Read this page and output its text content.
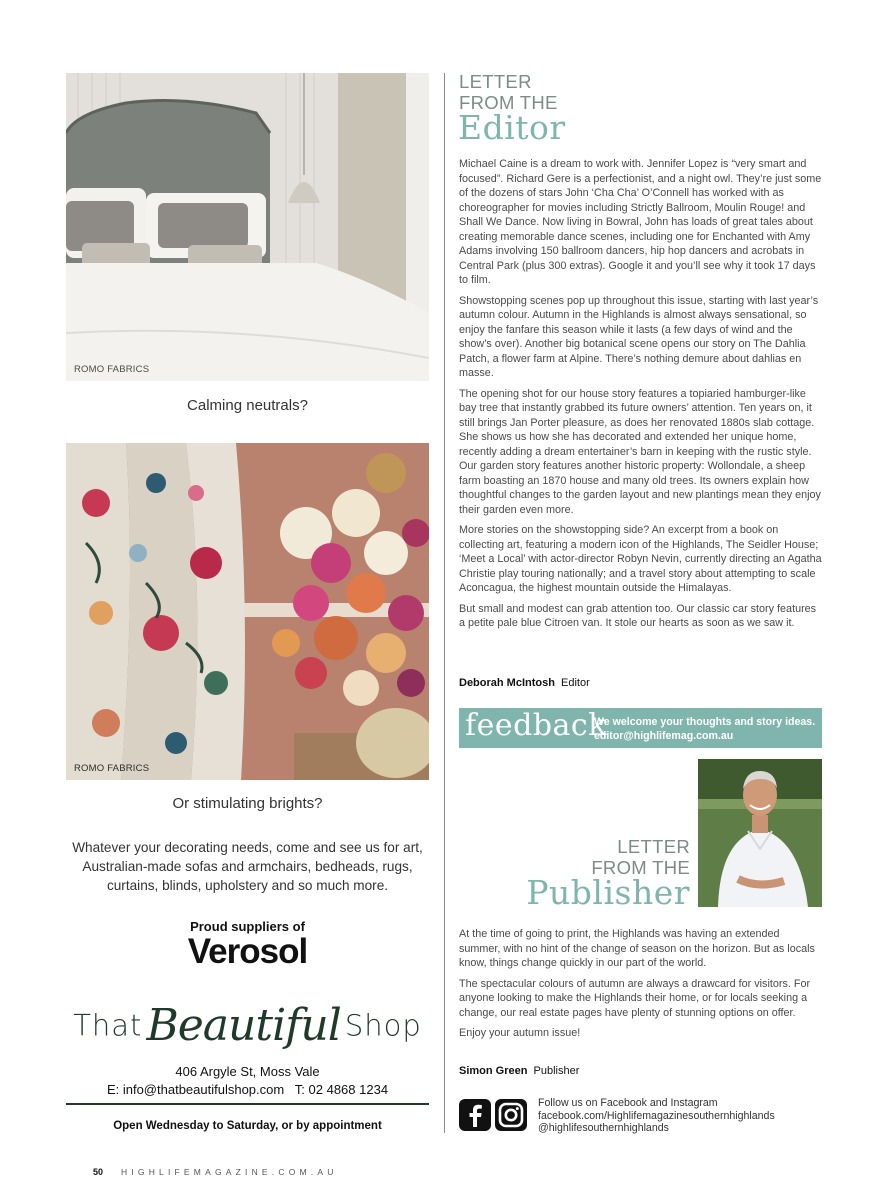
ROMO FABRICS
Calming neutrals?
ROMO FABRICS
Or stimulating brights?
Whatever your decorating needs, come and see us for art, Australian-made sofas and armchairs, bedheads, rugs, curtains, blinds, upholstery and so much more.
Proud suppliers of
Verosol
ThatBeautiful Shop
406 Argyle St, Moss Vale
E: info@thatbeautifulshop.com   T: 02 4868 1234
Open Wednesday to Saturday, or by appointment
LETTER
FROM THE
Editor

Michael Caine is a dream to work with. Jennifer Lopez is “very smart and focused”. Richard Gere is a perfectionist, and a night owl. They’re just some of the dozens of stars John ‘Cha Cha’ O’Connell has worked with as choreographer for movies including Strictly Ballroom, Moulin Rouge! and Shall We Dance. Now living in Bowral, John has loads of great tales about creating memorable dance scenes, including one for Enchanted with Amy Adams involving 150 ballroom dancers, hip hop dancers and acrobats in Central Park (plus 300 extras). Google it and you’ll see why it took 17 days to film.

Showstopping scenes pop up throughout this issue, starting with last year’s autumn colour. Autumn in the Highlands is almost always sensational, so enjoy the fanfare this season while it lasts (a few days of wind and the show’s over). Another big botanical scene opens our story on The Dahlia Patch, a flower farm at Alpine. There’s nothing demure about dahlias en masse.

The opening shot for our house story features a topiaried hamburger-like bay tree that instantly grabbed its future owners’ attention. Ten years on, it still brings Jan Porter pleasure, as does her renovated 1880s slab cottage. She shows us how she has decorated and extended her unique home, recently adding a dream entertainer’s barn in keeping with the rustic style. Our garden story features another historic property: Wollondale, a sheep farm boasting an 1870 house and many old trees. Its owners explain how thoughtful changes to the garden layout and new plantings mean they enjoy their garden even more.

More stories on the showstopping side? An excerpt from a book on collecting art, featuring a modern icon of the Highlands, The Seidler House; ‘Meet a Local’ with actor-director Robyn Nevin, currently directing an Agatha Christie play touring nationally; and a travel story about attempting to scale Aconcagua, the highest mountain outside the Himalayas.

But small and modest can grab attention too. Our classic car story features a petite pale blue Citroen van. It stole our hearts as soon as we saw it.

Deborah McIntosh Editor
feedback
We welcome your thoughts and story ideas.
editor@highlifemag.com.au
LETTER
FROM THE
Publisher

At the time of going to print, the Highlands was having an extended summer, with no hint of the change of season on the horizon. But as locals know, things change quickly in our part of the world.

The spectacular colours of autumn are always a drawcard for visitors. For anyone looking to make the Highlands their home, or for locals seeking a change, our real estate pages have plenty of stunning options on offer.

Enjoy your autumn issue!

Simon Green Publisher
Follow us on Facebook and Instagram
facebook.com/Highlifemagazinesouthernhighlands
@highlifesouthernhighlands
50 HIGHLIFEMAGAZINE.COM.AU
